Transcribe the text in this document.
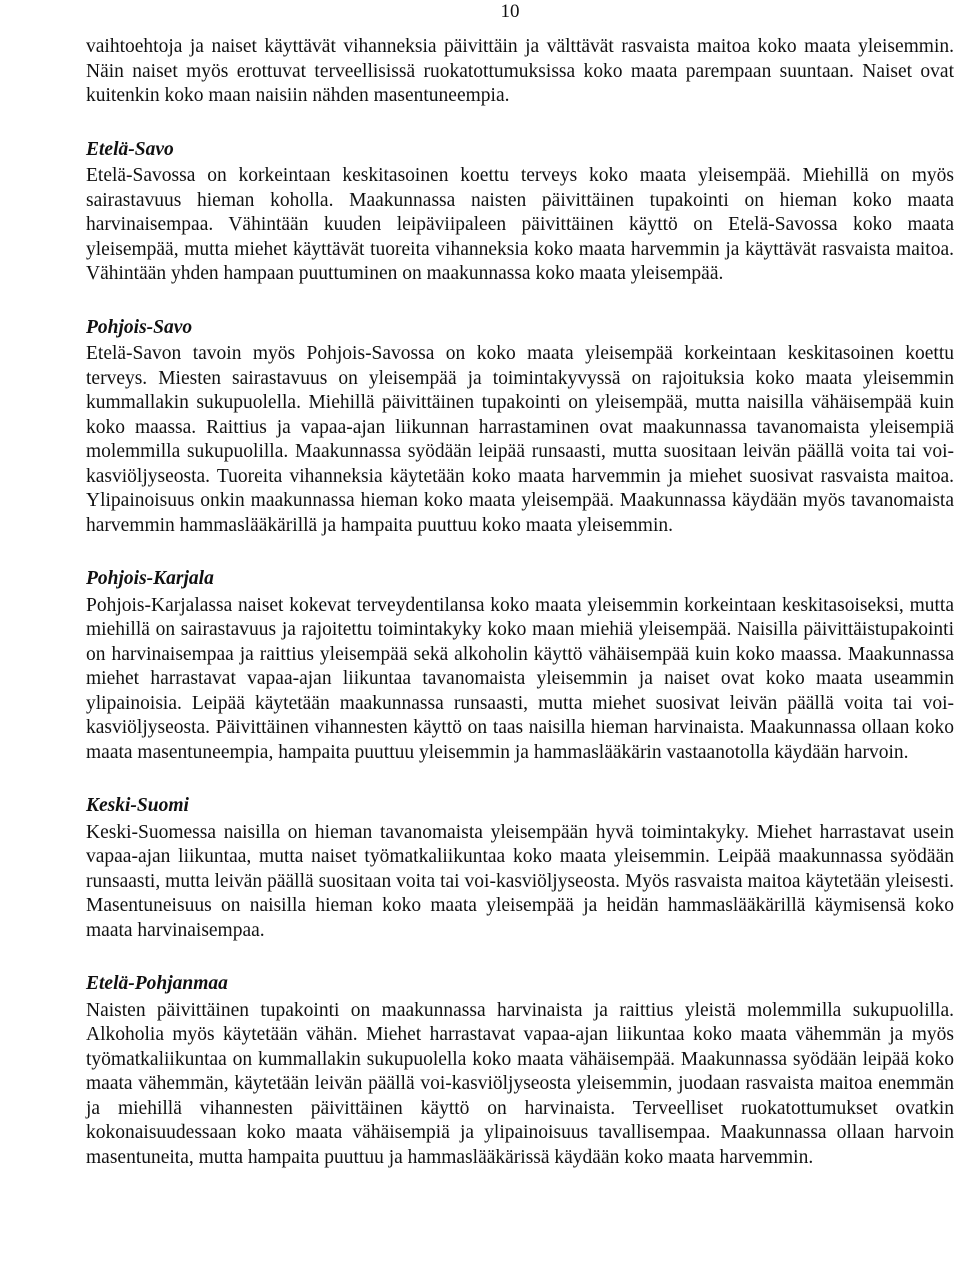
10

vaihtoehtoja ja naiset käyttävät vihanneksia päivittäin ja välttävät rasvaista maitoa koko maata yleisemmin. Näin naiset myös erottuvat terveellisissä ruokatottumuksissa koko maata parempaan suuntaan. Naiset ovat kuitenkin koko maan naisiin nähden masentuneempia.

Etelä-Savo

Etelä-Savossa on korkeintaan keskitasoinen koettu terveys koko maata yleisempää. Miehillä on myös sairastavuus hieman koholla. Maakunnassa naisten päivittäinen tupakointi on hieman koko maata harvinaisempaa. Vähintään kuuden leipäviipaleen päivittäinen käyttö on Etelä-Savossa koko maata yleisempää, mutta miehet käyttävät tuoreita vihanneksia koko maata harvemmin ja käyttävät rasvaista maitoa. Vähintään yhden hampaan puuttuminen on maakunnassa koko maata yleisempää.

Pohjois-Savo

Etelä-Savon tavoin myös Pohjois-Savossa on koko maata yleisempää korkeintaan keskitasoinen koettu terveys. Miesten sairastavuus on yleisempää ja toimintakyvyssä on rajoituksia koko maata yleisemmin kummallakin sukupuolella. Miehillä päivittäinen tupakointi on yleisempää, mutta naisilla vähäisempää kuin koko maassa. Raittius ja vapaa-ajan liikunnan harrastaminen ovat maakunnassa tavanomaista yleisempiä molemmilla sukupuolilla. Maakunnassa syödään leipää runsaasti, mutta suositaan leivän päällä voita tai voi-kasviöljyseosta. Tuoreita vihanneksia käytetään koko maata harvemmin ja miehet suosivat rasvaista maitoa. Ylipainoisuus onkin maakunnassa hieman koko maata yleisempää. Maakunnassa käydään myös tavanomaista harvemmin hammaslääkärillä ja hampaita puuttuu koko maata yleisemmin.

Pohjois-Karjala

Pohjois-Karjalassa naiset kokevat terveydentilansa koko maata yleisemmin korkeintaan keskitasoiseksi, mutta miehillä on sairastavuus ja rajoitettu toimintakyky koko maan miehiä yleisempää. Naisilla päivittäistupakointi on harvinaisempaa ja raittius yleisempää sekä alkoholin käyttö vähäisempää kuin koko maassa. Maakunnassa miehet harrastavat vapaa-ajan liikuntaa tavanomaista yleisemmin ja naiset ovat koko maata useammin ylipainoisia. Leipää käytetään maakunnassa runsaasti, mutta miehet suosivat leivän päällä voita tai voi-kasviöljyseosta. Päivittäinen vihannesten käyttö on taas naisilla hieman harvinaista. Maakunnassa ollaan koko maata masentuneempia, hampaita puuttuu yleisemmin ja hammaslääkärin vastaanotolla käydään harvoin.

Keski-Suomi

Keski-Suomessa naisilla on hieman tavanomaista yleisempään hyvä toimintakyky. Miehet harrastavat usein vapaa-ajan liikuntaa, mutta naiset työmatkaliikuntaa koko maata yleisemmin. Leipää maakunnassa syödään runsaasti, mutta leivän päällä suositaan voita tai voi-kasviöljyseosta. Myös rasvaista maitoa käytetään yleisesti. Masentuneisuus on naisilla hieman koko maata yleisempää ja heidän hammaslääkärillä käymisensä koko maata harvinaisempaa.

Etelä-Pohjanmaa

Naisten päivittäinen tupakointi on maakunnassa harvinaista ja raittius yleistä molemmilla sukupuolilla. Alkoholia myös käytetään vähän. Miehet harrastavat vapaa-ajan liikuntaa koko maata vähemmän ja myös työmatkaliikuntaa on kummallakin sukupuolella koko maata vähäisempää. Maakunnassa syödään leipää koko maata vähemmän, käytetään leivän päällä voi-kasviöljyseosta yleisemmin, juodaan rasvaista maitoa enemmän ja miehillä vihannesten päivittäinen käyttö on harvinaista. Terveelliset ruokatottumukset ovatkin kokonaisuudessaan koko maata vähäisempiä ja ylipainoisuus tavallisempaa. Maakunnassa ollaan harvoin masentuneita, mutta hampaita puuttuu ja hammaslääkärissä käydään koko maata harvemmin.
